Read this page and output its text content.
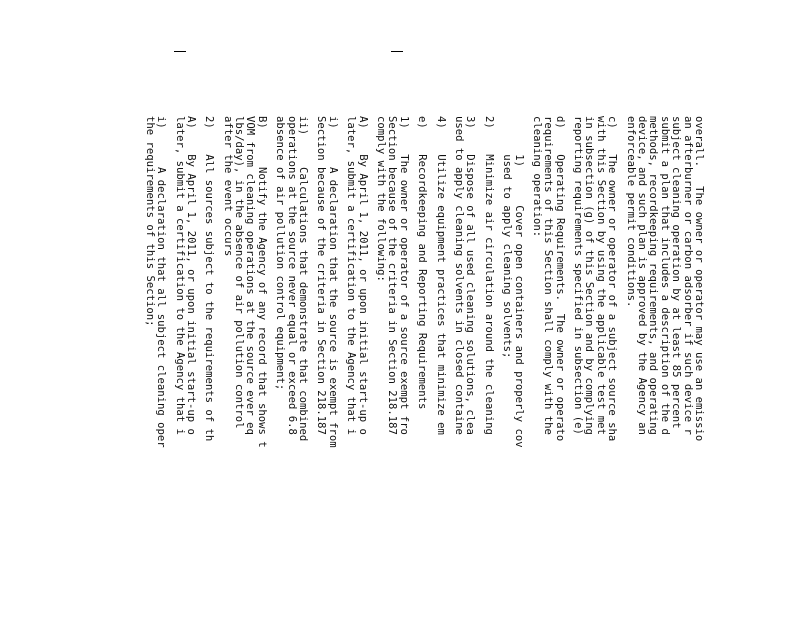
overall.   The owner or operator may use an emissio
an afterburner or carbon adsorber if such device r
subject cleaning operation by at least 85 percent
submit a plan that includes a description of the d
methods, recordkeeping requirements, and operating
device, and such plan is approved by the Agency an
enforceable permit conditions.
c)    The owner or operator of a subject source sha
with this Section by using the applicable test met
in subsection (g) of this Section and by complying
reporting requirements specified in subsection (e)
d)    Operating Requirements.  The owner or operato
requirements of this Section shall comply with the
cleaning operation:
1)      Cover open containers and properly cov
used to apply cleaning solvents;
2)    Minimize air circulation around the cleaning
3)    Dispose of all used cleaning solutions, clea
used to apply cleaning solvents in closed containe
4)    Utilize equipment practices that minimize em
e)    Recordkeeping and Reporting Requirements
1)    The owner or operator of a source exempt fro
Section because of the criteria in Section 218.187
comply with the following:
A)    By April 1, 2011, or upon initial start-up o
later, submit a certification to the Agency that i
i)      A declaration that the source is exempt from
Section because of the criteria in Section 218.187
ii)     Calculations that demonstrate that combined
operations at the source never equal or exceed 6.8
absence of air pollution control equipment;
B)      Notify the Agency of any record that shows t
VOM from cleaning operations at the source ever eq
lbs/day), in the absence of air pollution control
after the event occurs
2)    All sources subject to the requirements of th
A)    By April 1, 2011, or upon initial start-up o
later, submit a certification to the Agency that i
i)      A declaration that all subject cleaning oper
the requirements of this Section;
